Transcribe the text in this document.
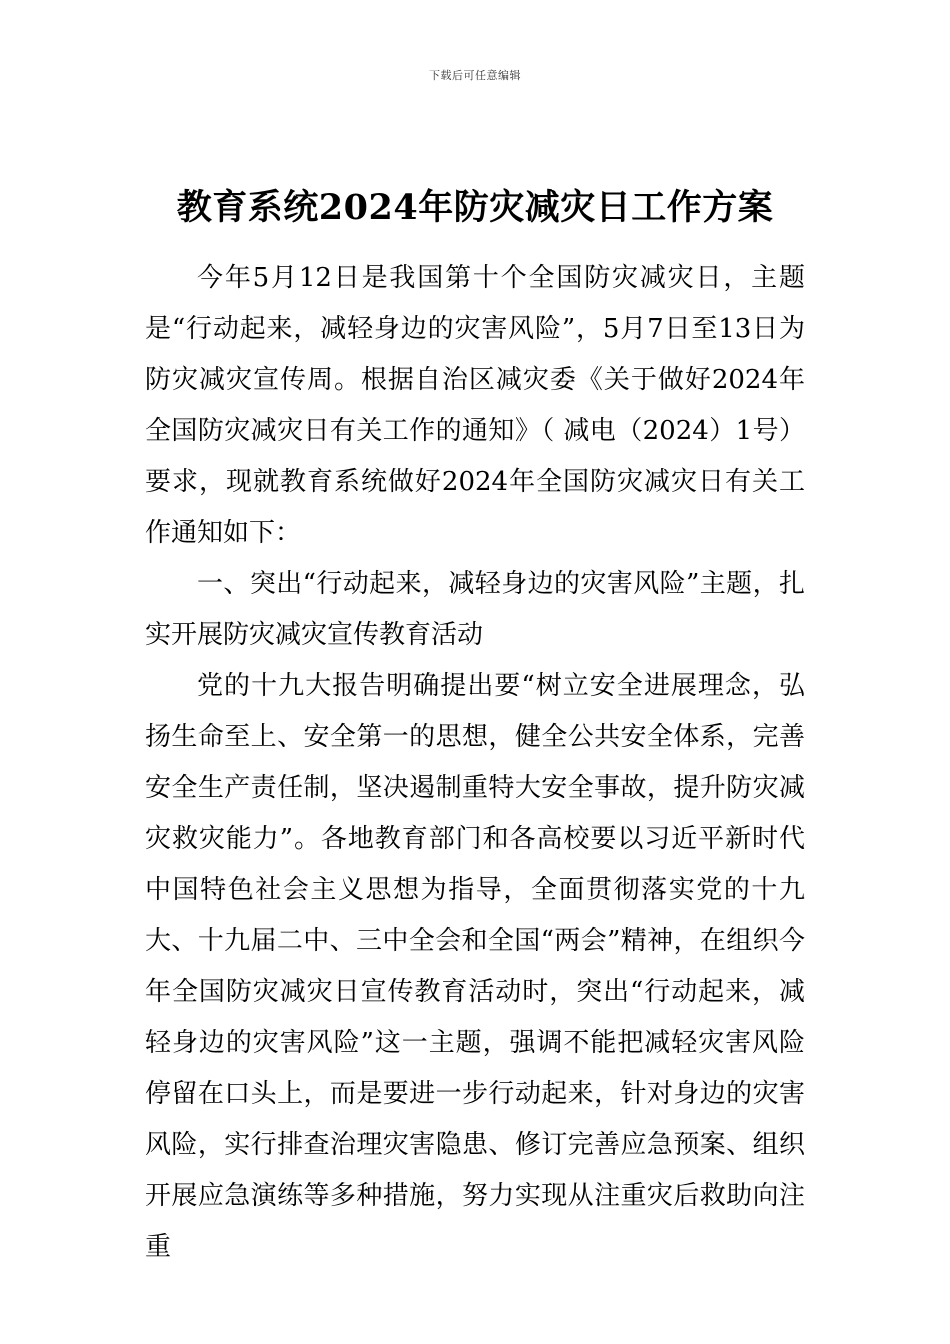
下载后可任意编辑
教育系统2024年防灾减灾日工作方案

今年5月12日是我国第十个全国防灾减灾日，主题是“行动起来，减轻身边的灾害风险”，5月7日至13日为防灾减灾宣传周。根据自治区减灾委《关于做好2024年全国防灾减灾日有关工作的通知》（ 减电（2024）1号）要求，现就教育系统做好2024年全国防灾减灾日有关工作通知如下：

一、突出“行动起来，减轻身边的灾害风险”主题，扎实开展防灾减灾宣传教育活动

党的十九大报告明确提出要“树立安全进展理念，弘扬生命至上、安全第一的思想，健全公共安全体系，完善安全生产责任制，坚决遏制重特大安全事故，提升防灾减灾救灾能力”。各地教育部门和各高校要以习近平新时代中国特色社会主义思想为指导，全面贯彻落实党的十九大、十九届二中、三中全会和全国“两会”精神，在组织今年全国防灾减灾日宣传教育活动时，突出“行动起来，减轻身边的灾害风险”这一主题，强调不能把减轻灾害风险停留在口头上，而是要进一步行动起来，针对身边的灾害风险，实行排查治理灾害隐患、修订完善应急预案、组织开展应急演练等多种措施，努力实现从注重灾后救助向注重
